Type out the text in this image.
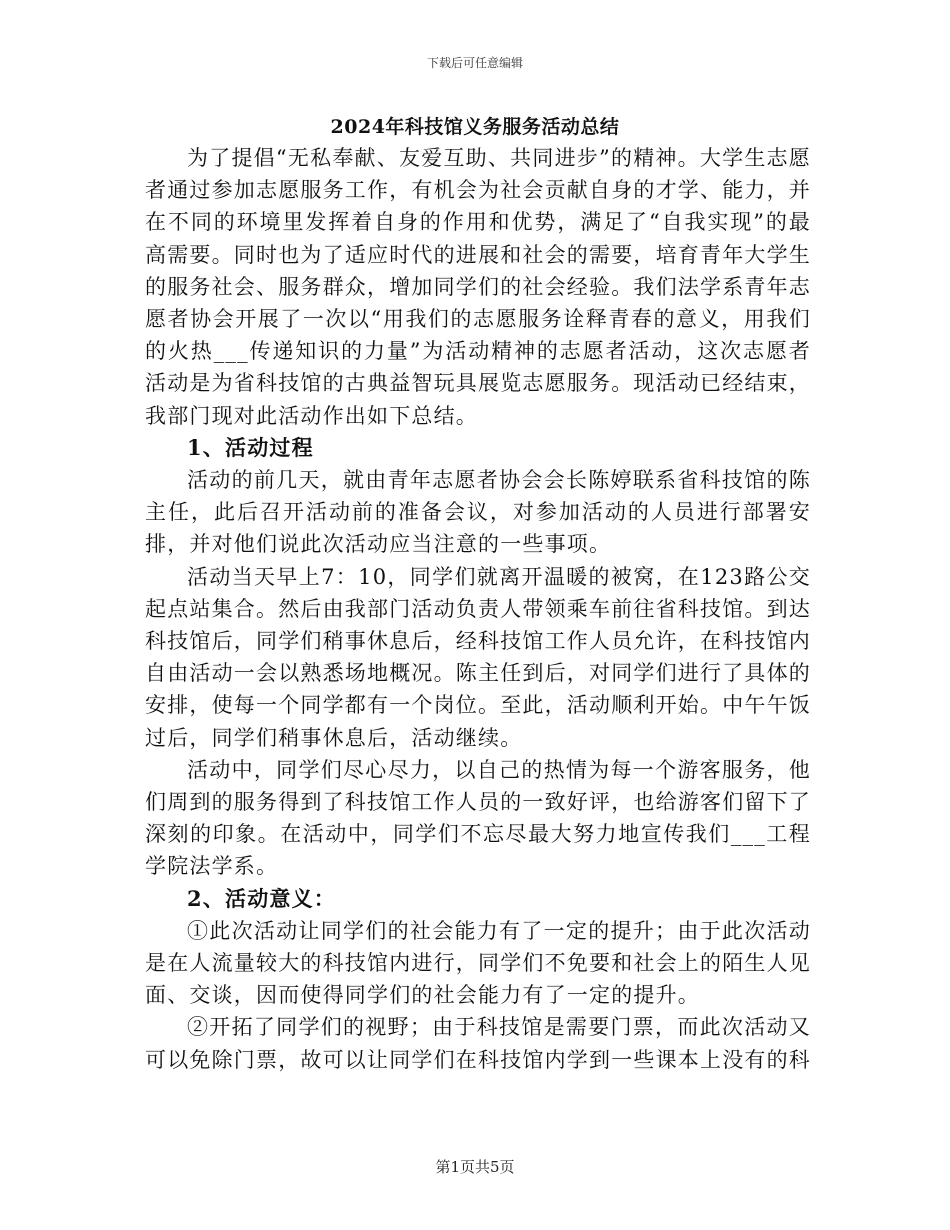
下载后可任意编辑
2024年科技馆义务服务活动总结

为了提倡“无私奉献、友爱互助、共同进步”的精神。大学生志愿者通过参加志愿服务工作，有机会为社会贡献自身的才学、能力，并在不同的环境里发挥着自身的作用和优势，满足了“自我实现”的最高需要。同时也为了适应时代的进展和社会的需要，培育青年大学生的服务社会、服务群众，增加同学们的社会经验。我们法学系青年志愿者协会开展了一次以“用我们的志愿服务诠释青春的意义，用我们的火热___传递知识的力量”为活动精神的志愿者活动，这次志愿者活动是为省科技馆的古典益智玩具展览志愿服务。现活动已经结束，我部门现对此活动作出如下总结。

1、活动过程

活动的前几天，就由青年志愿者协会会长陈婷联系省科技馆的陈主任，此后召开活动前的准备会议，对参加活动的人员进行部署安排，并对他们说此次活动应当注意的一些事项。

活动当天早上7：10，同学们就离开温暖的被窝，在123路公交起点站集合。然后由我部门活动负责人带领乘车前往省科技馆。到达科技馆后，同学们稍事休息后，经科技馆工作人员允许，在科技馆内自由活动一会以熟悉场地概况。陈主任到后，对同学们进行了具体的安排，使每一个同学都有一个岗位。至此，活动顺利开始。中午午饭过后，同学们稍事休息后，活动继续。

活动中，同学们尽心尽力，以自己的热情为每一个游客服务，他们周到的服务得到了科技馆工作人员的一致好评，也给游客们留下了深刻的印象。在活动中，同学们不忘尽最大努力地宣传我们___工程学院法学系。

2、活动意义：

①此次活动让同学们的社会能力有了一定的提升；由于此次活动是在人流量较大的科技馆内进行，同学们不免要和社会上的陌生人见面、交谈，因而使得同学们的社会能力有了一定的提升。

②开拓了同学们的视野；由于科技馆是需要门票，而此次活动又可以免除门票，故可以让同学们在科技馆内学到一些课本上没有的科

第1页共5页
